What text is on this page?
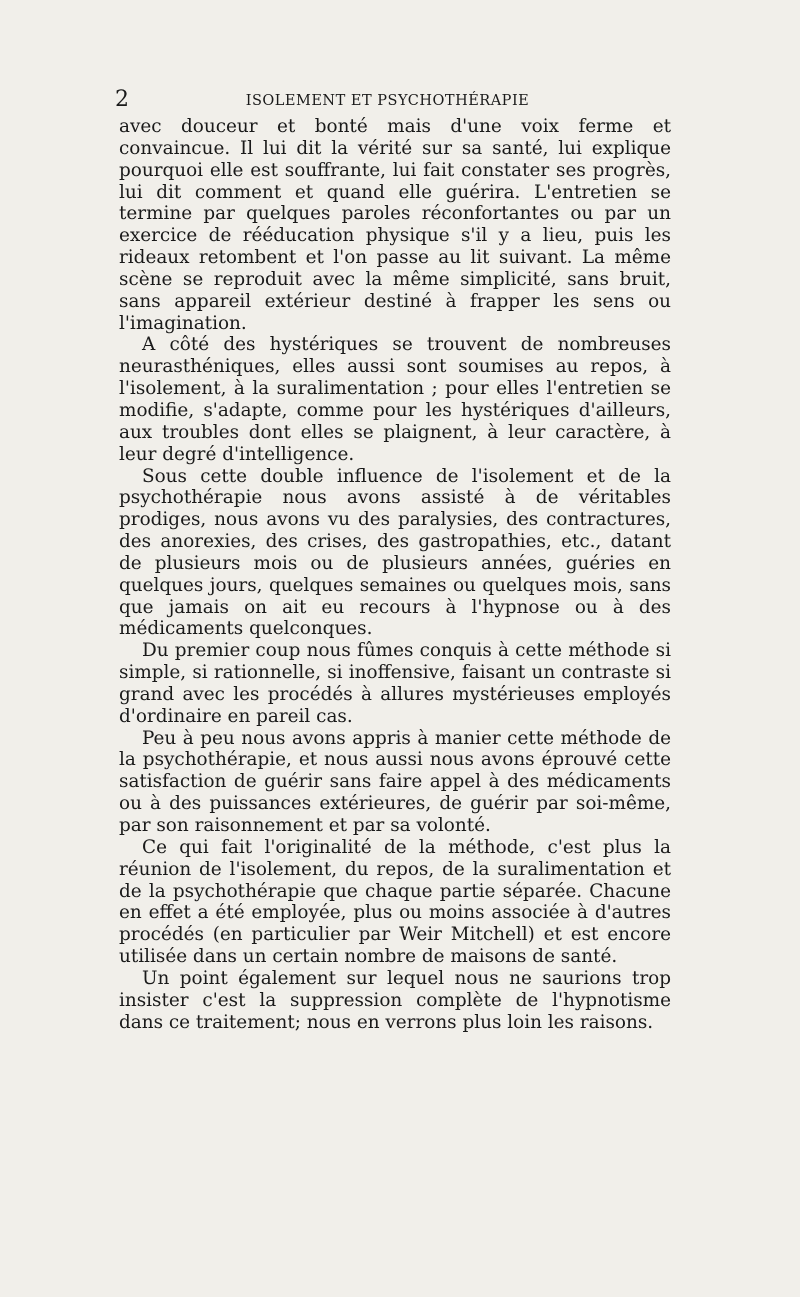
2	ISOLEMENT ET PSYCHOTHÉRAPIE

avec douceur et bonté mais d'une voix ferme et convaincue. Il lui dit la vérité sur sa santé, lui explique pourquoi elle est souffrante, lui fait constater ses progrès, lui dit comment et quand elle guérira. L'entretien se termine par quelques paroles réconfortantes ou par un exercice de rééducation physique s'il y a lieu, puis les rideaux retombent et l'on passe au lit suivant. La même scène se reproduit avec la même simplicité, sans bruit, sans appareil extérieur destiné à frapper les sens ou l'imagination.

A côté des hystériques se trouvent de nombreuses neurasthéniques, elles aussi sont soumises au repos, à l'isolement, à la suralimentation ; pour elles l'entretien se modifie, s'adapte, comme pour les hystériques d'ailleurs, aux troubles dont elles se plaignent, à leur caractère, à leur degré d'intelligence.

Sous cette double influence de l'isolement et de la psychothérapie nous avons assisté à de véritables prodiges, nous avons vu des paralysies, des contractures, des anorexies, des crises, des gastropathies, etc., datant de plusieurs mois ou de plusieurs années, guéries en quelques jours, quelques semaines ou quelques mois, sans que jamais on ait eu recours à l'hypnose ou à des médicaments quelconques.

Du premier coup nous fûmes conquis à cette méthode si simple, si rationnelle, si inoffensive, faisant un contraste si grand avec les procédés à allures mystérieuses employés d'ordinaire en pareil cas.

Peu à peu nous avons appris à manier cette méthode de la psychothérapie, et nous aussi nous avons éprouvé cette satisfaction de guérir sans faire appel à des médicaments ou à des puissances extérieures, de guérir par soi-même, par son raisonnement et par sa volonté.

Ce qui fait l'originalité de la méthode, c'est plus la réunion de l'isolement, du repos, de la suralimentation et de la psychothérapie que chaque partie séparée. Chacune en effet a été employée, plus ou moins associée à d'autres procédés (en particulier par Weir Mitchell) et est encore utilisée dans un certain nombre de maisons de santé.

Un point également sur lequel nous ne saurions trop insister c'est la suppression complète de l'hypnotisme dans ce traitement; nous en verrons plus loin les raisons.
